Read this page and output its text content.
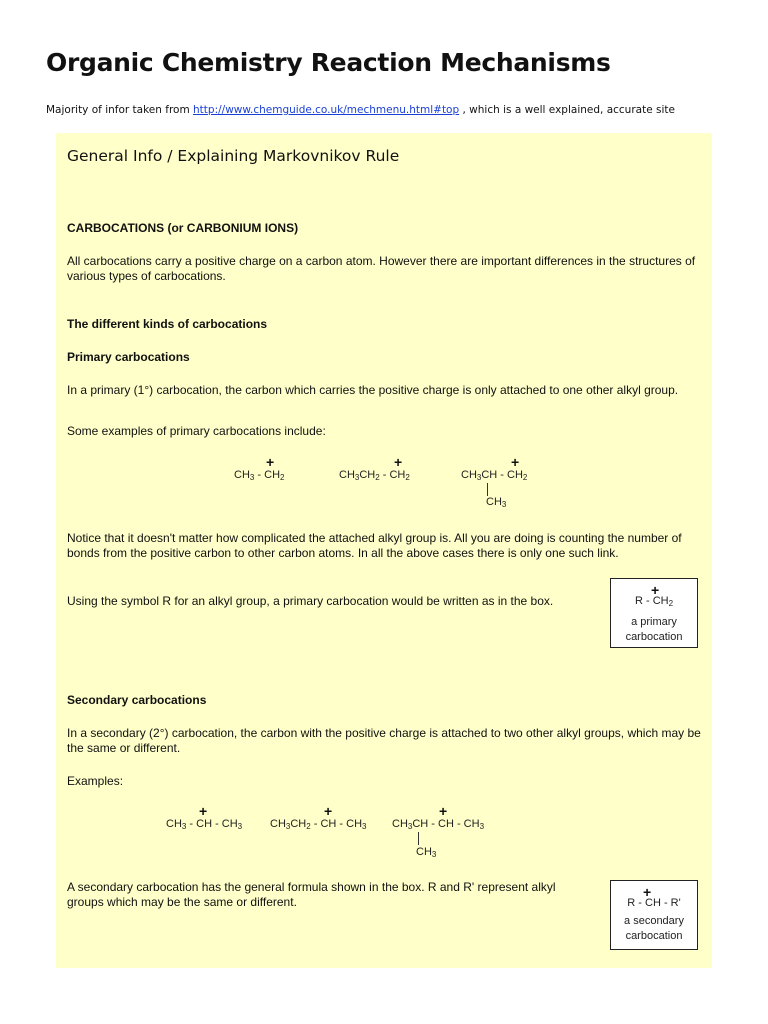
Organic Chemistry Reaction Mechanisms
Majority of infor taken from http://www.chemguide.co.uk/mechmenu.html#top , which is a well explained, accurate site
General Info / Explaining Markovnikov Rule
CARBOCATIONS (or CARBONIUM IONS)
All carbocations carry a positive charge on a carbon atom. However there are important differences in the structures of various types of carbocations.
The different kinds of carbocations
Primary carbocations
In a primary (1°) carbocation, the carbon which carries the positive charge is only attached to one other alkyl group.
Some examples of primary carbocations include:
+
$CH_3 - CH_2$
+
$CH_3CH_2 - CH_2$
+
$CH_3CH - CH_2$
$CH_3$
Notice that it doesn't matter how complicated the attached alkyl group is. All you are doing is counting the number of bonds from the positive carbon to other carbon atoms. In all the above cases there is only one such link.
Using the symbol R for an alkyl group, a primary carbocation would be written as in the box.
+
R - $CH_2$
a primary
carbocation
Secondary carbocations
In a secondary (2°) carbocation, the carbon with the positive charge is attached to two other alkyl groups, which may be the same or different.
Examples:
+
$CH_3$ - CH - $CH_3$
+
$CH_3CH_2$ - CH - $CH_3$
+
$CH_3CH$ - CH - $CH_3$
$CH_3$
A secondary carbocation has the general formula shown in the box. R and R' represent alkyl groups which may be the same or different.
+
R - CH - R'
a secondary
carbocation
